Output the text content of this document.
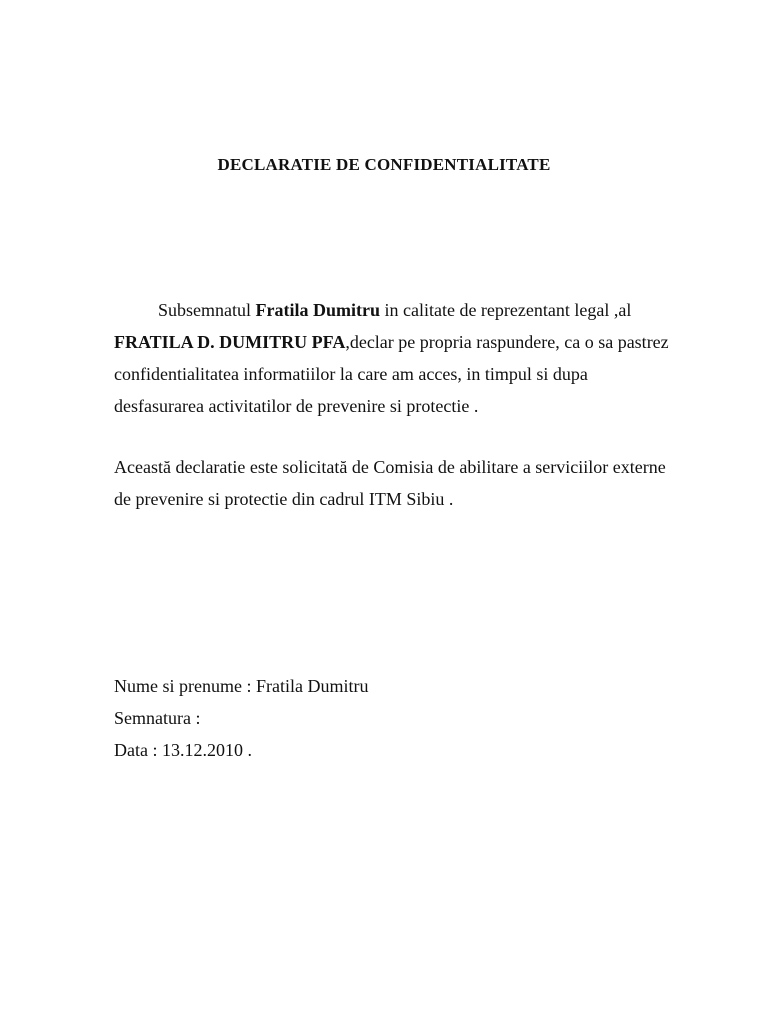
DECLARATIE DE CONFIDENTIALITATE
Subsemnatul Fratila Dumitru in calitate de reprezentant legal ,al
FRATILA D. DUMITRU PFA,declar pe propria raspundere, ca o sa pastrez
confidentialitatea informatiilor la care am acces, in timpul si dupa
desfasurarea activitatilor de prevenire si protectie .
Această declaratie este solicitată de Comisia de abilitare a serviciilor externe
de prevenire si protectie din cadrul ITM Sibiu .
Nume si prenume : Fratila Dumitru
Semnatura :
Data : 13.12.2010 .
